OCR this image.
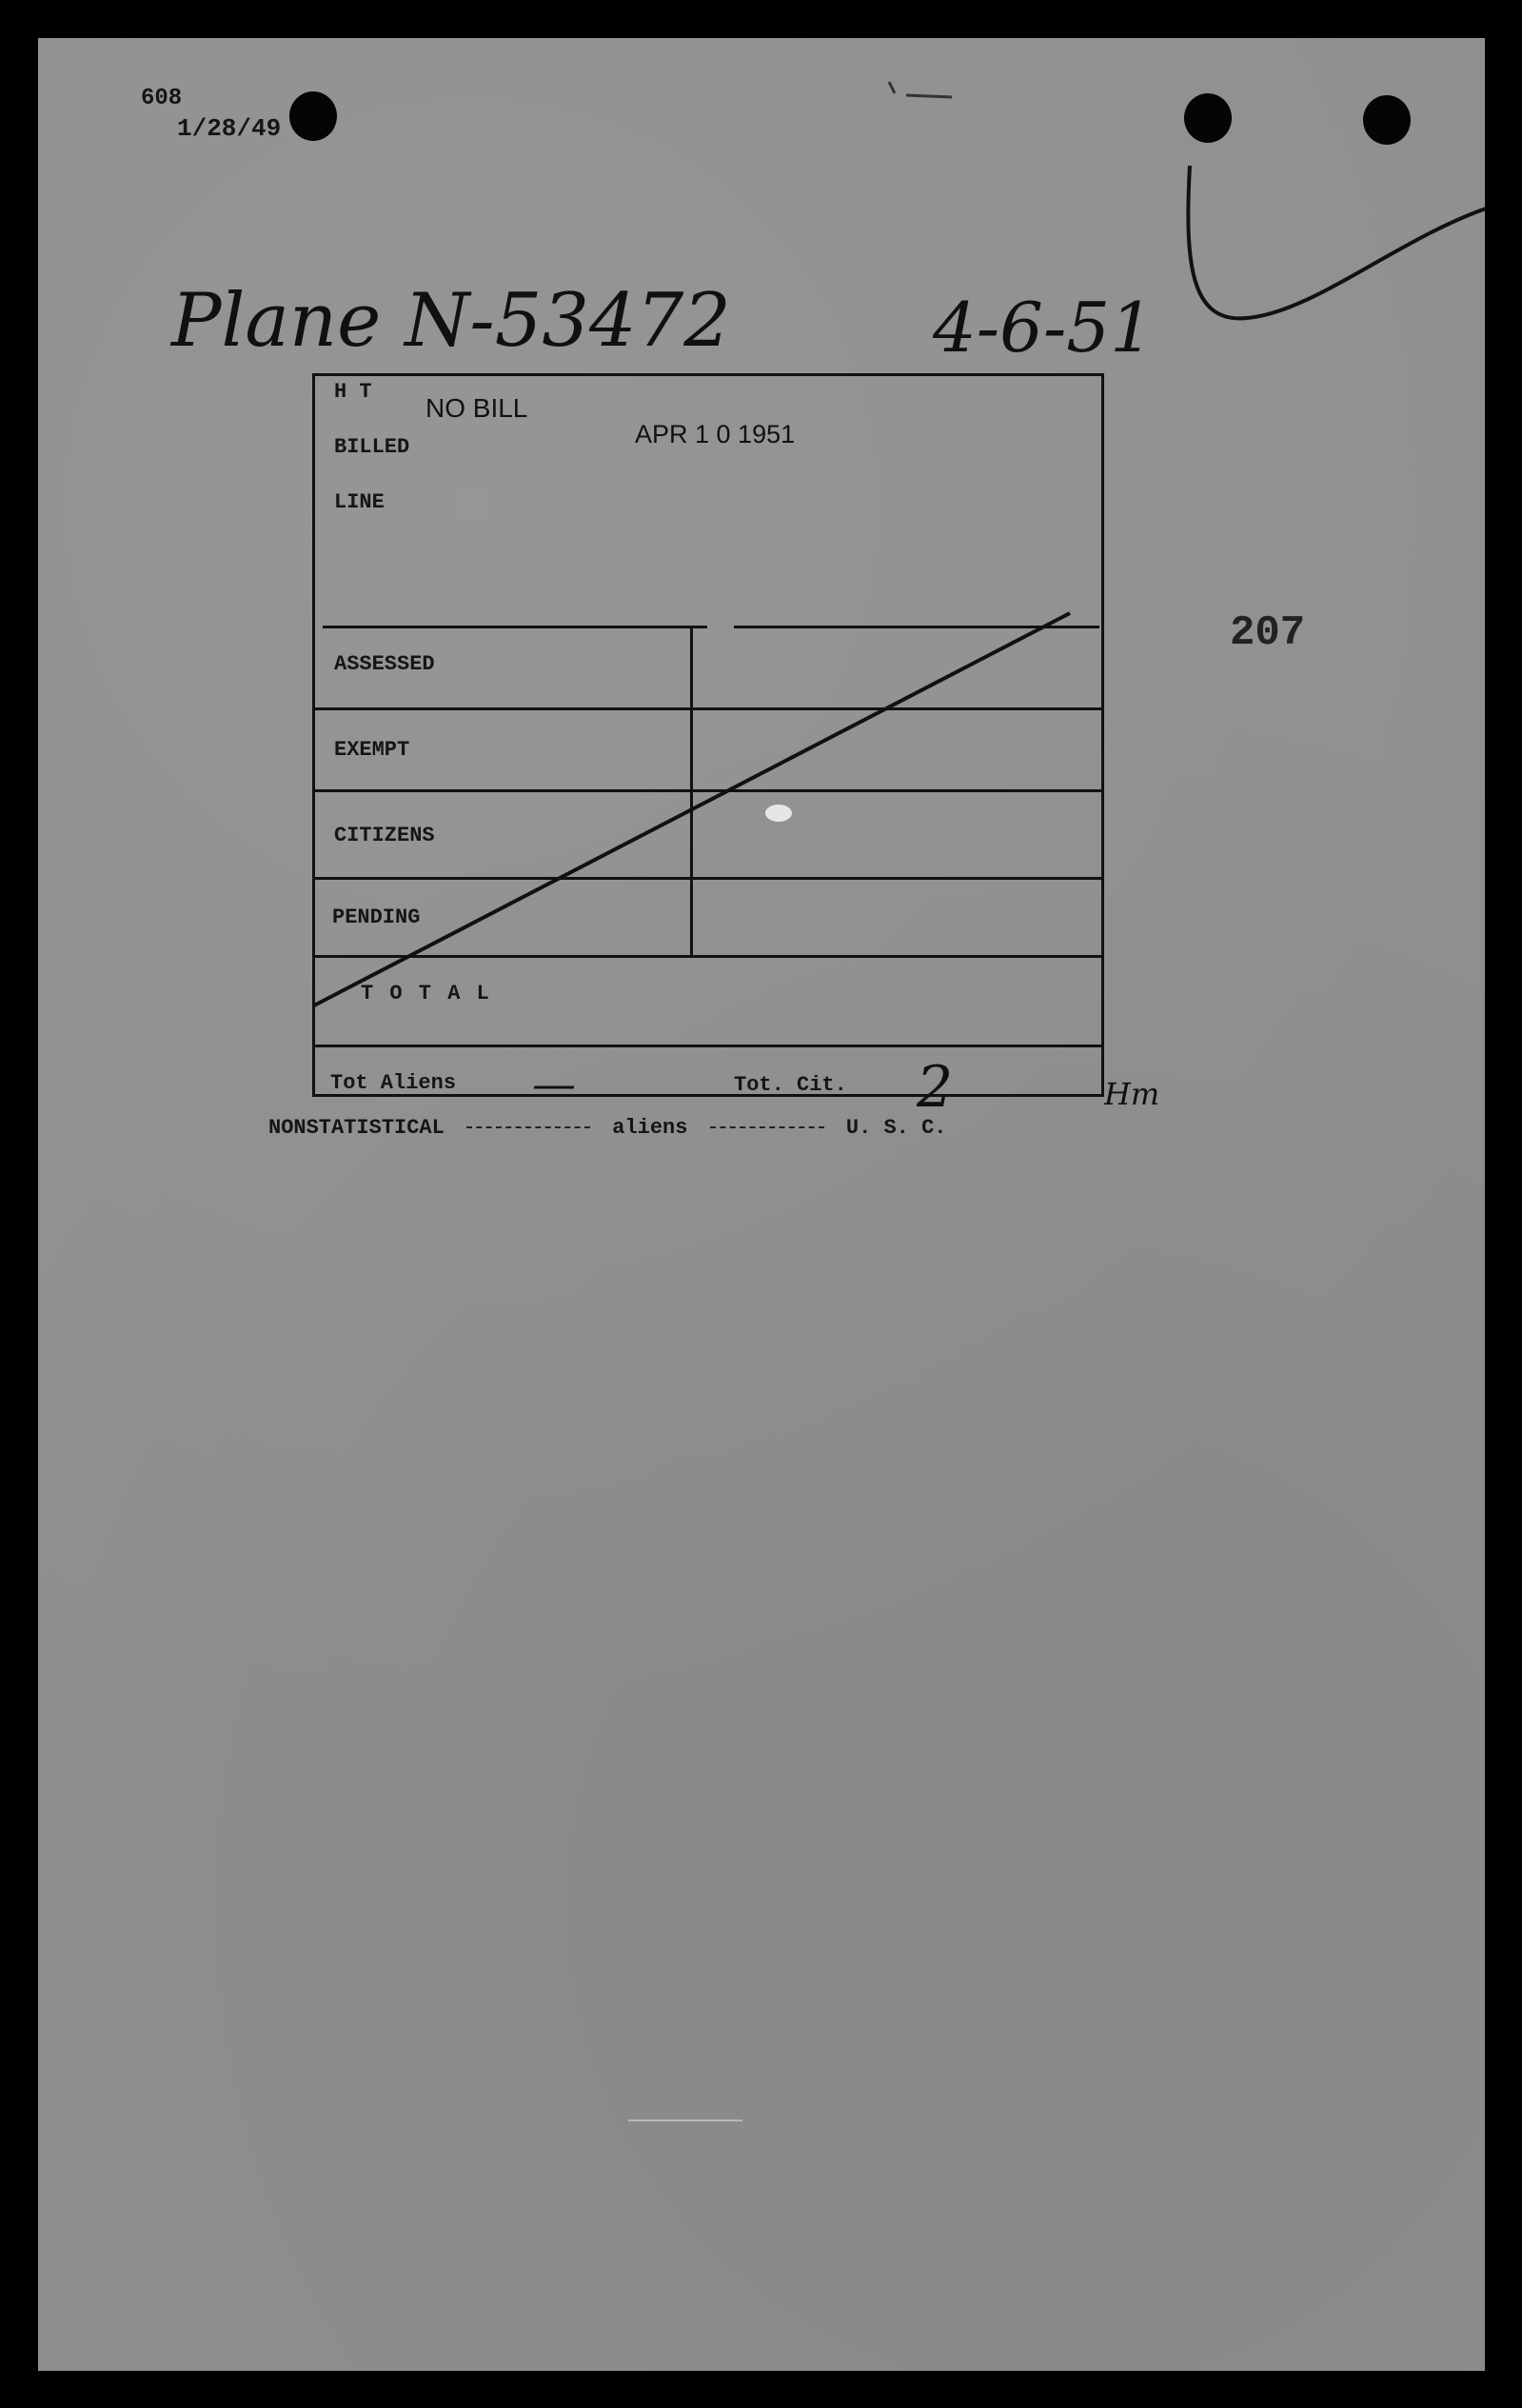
608
1/28/49
Plane N-53472	4-6-51
207
H T
NO BILL
APR 1 0 1951
BILLED
LINE
ASSESSED
EXEMPT
CITIZENS
PENDING
T O T A L
Tot Aliens —	Tot. Cit. 2	Hm
NONSTATISTICAL	aliens	U. S. C.
